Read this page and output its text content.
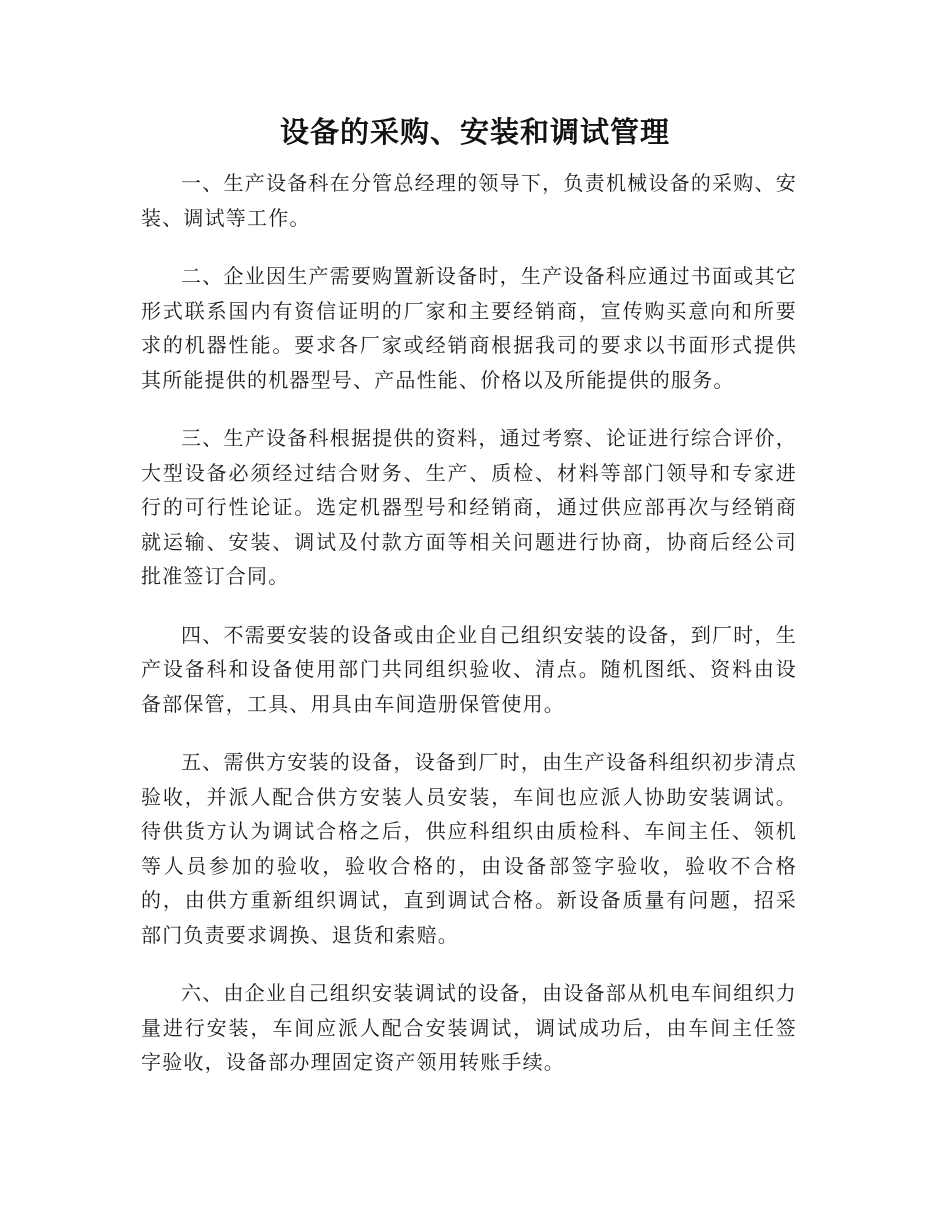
设备的采购、安装和调试管理

一、生产设备科在分管总经理的领导下，负责机械设备的采购、安装、调试等工作。

二、企业因生产需要购置新设备时，生产设备科应通过书面或其它形式联系国内有资信证明的厂家和主要经销商，宣传购买意向和所要求的机器性能。要求各厂家或经销商根据我司的要求以书面形式提供其所能提供的机器型号、产品性能、价格以及所能提供的服务。

三、生产设备科根据提供的资料，通过考察、论证进行综合评价，大型设备必须经过结合财务、生产、质检、材料等部门领导和专家进行的可行性论证。选定机器型号和经销商，通过供应部再次与经销商就运输、安装、调试及付款方面等相关问题进行协商，协商后经公司批准签订合同。

四、不需要安装的设备或由企业自己组织安装的设备，到厂时，生产设备科和设备使用部门共同组织验收、清点。随机图纸、资料由设备部保管，工具、用具由车间造册保管使用。

五、需供方安装的设备，设备到厂时，由生产设备科组织初步清点验收，并派人配合供方安装人员安装，车间也应派人协助安装调试。待供货方认为调试合格之后，供应科组织由质检科、车间主任、领机等人员参加的验收，验收合格的，由设备部签字验收，验收不合格的，由供方重新组织调试，直到调试合格。新设备质量有问题，招采部门负责要求调换、退货和索赔。

六、由企业自己组织安装调试的设备，由设备部从机电车间组织力量进行安装，车间应派人配合安装调试，调试成功后，由车间主任签字验收，设备部办理固定资产领用转账手续。
